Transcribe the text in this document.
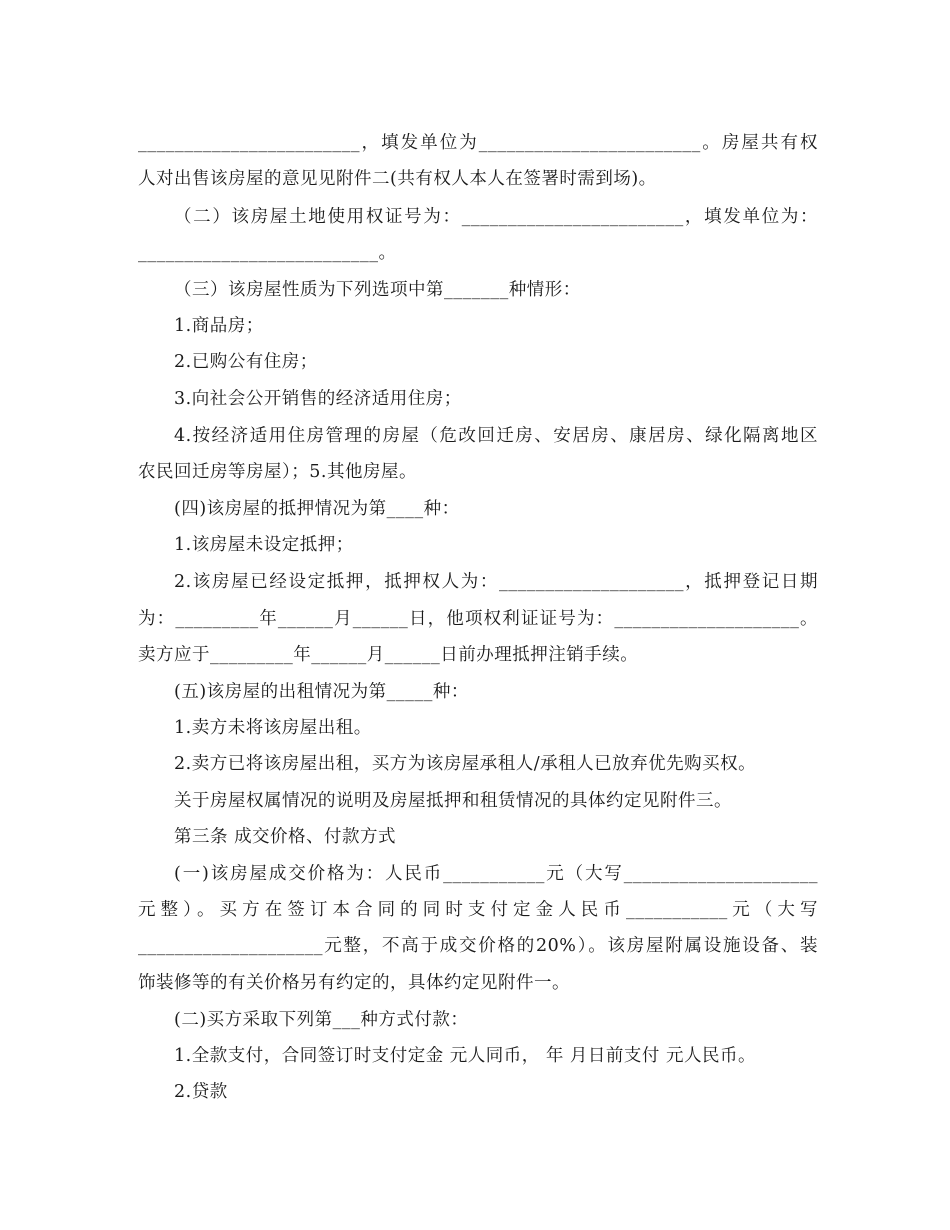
________________________，填发单位为________________________。房屋共有权
人对出售该房屋的意见见附件二(共有权人本人在签署时需到场)。
（二）该房屋土地使用权证号为：________________________，填发单位为：
__________________________。
（三）该房屋性质为下列选项中第_______种情形：
1.商品房；
2.已购公有住房；
3.向社会公开销售的经济适用住房；
4.按经济适用住房管理的房屋（危改回迁房、安居房、康居房、绿化隔离地区
农民回迁房等房屋）；5.其他房屋。
(四)该房屋的抵押情况为第____种：
1.该房屋未设定抵押；
2.该房屋已经设定抵押，抵押权人为：____________________，抵押登记日期
为：_________年______月______日，他项权利证证号为：____________________。
卖方应于_________年______月______日前办理抵押注销手续。
(五)该房屋的出租情况为第_____种：
1.卖方未将该房屋出租。
2.卖方已将该房屋出租，买方为该房屋承租人/承租人已放弃优先购买权。
关于房屋权属情况的说明及房屋抵押和租赁情况的具体约定见附件三。
第三条 成交价格、付款方式
(一)该房屋成交价格为：人民币___________元（大写_____________________
元整）。买方在签订本合同的同时支付定金人民币___________元（大写
____________________元整，不高于成交价格的20%）。该房屋附属设施设备、装
饰装修等的有关价格另有约定的，具体约定见附件一。
(二)买方采取下列第___种方式付款：
1.全款支付，合同签订时支付定金 元人同币， 年 月日前支付 元人民币。
2.贷款
